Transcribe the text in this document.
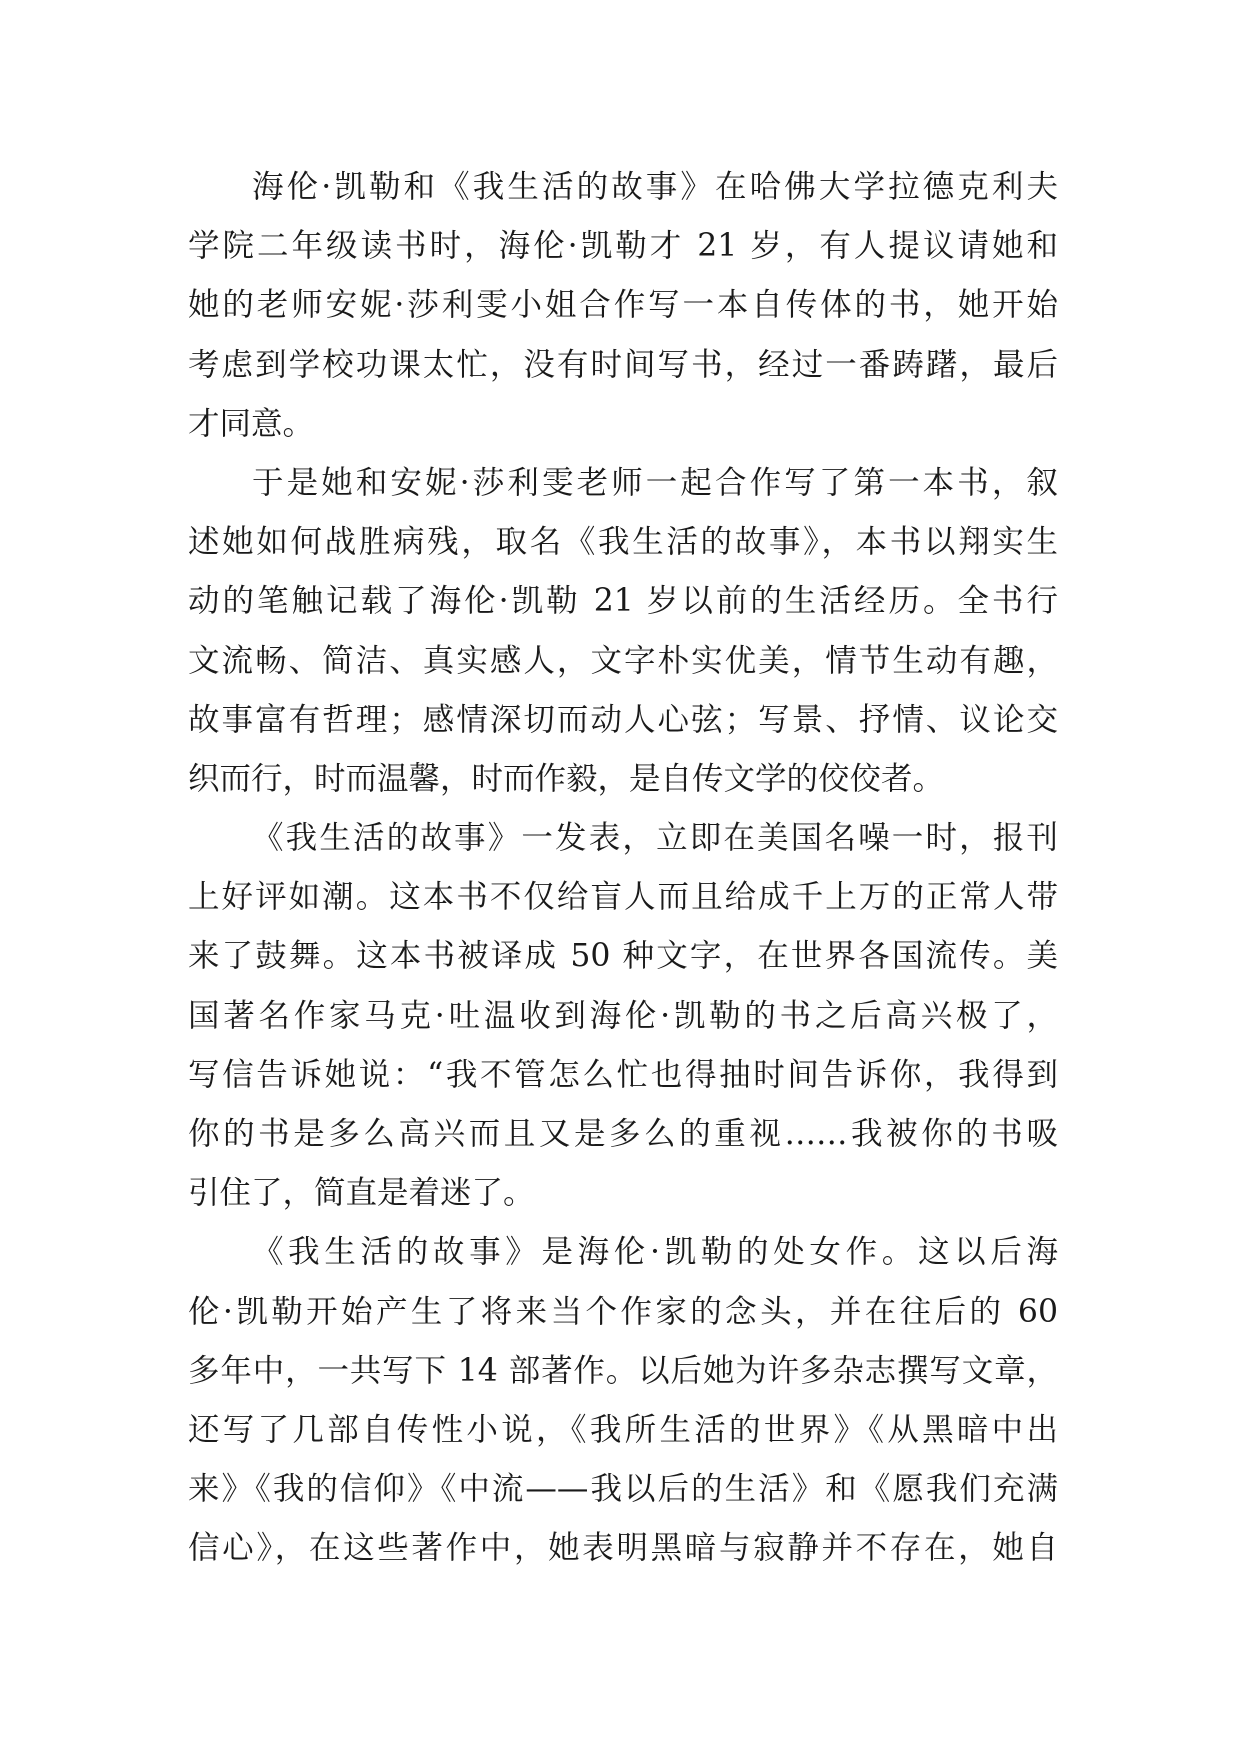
海伦·凯勒和《我生活的故事》在哈佛大学拉德克利夫
学院二年级读书时，海伦·凯勒才 21 岁，有人提议请她和
她的老师安妮·莎利雯小姐合作写一本自传体的书，她开始
考虑到学校功课太忙，没有时间写书，经过一番踌躇，最后
才同意。
于是她和安妮·莎利雯老师一起合作写了第一本书，叙
述她如何战胜病残，取名《我生活的故事》，本书以翔实生
动的笔触记载了海伦·凯勒 21 岁以前的生活经历。全书行
文流畅、简洁、真实感人，文字朴实优美，情节生动有趣，
故事富有哲理；感情深切而动人心弦；写景、抒情、议论交
织而行，时而温馨，时而作毅，是自传文学的佼佼者。
《我生活的故事》一发表，立即在美国名噪一时，报刊
上好评如潮。这本书不仅给盲人而且给成千上万的正常人带
来了鼓舞。这本书被译成 50 种文字，在世界各国流传。美
国著名作家马克·吐温收到海伦·凯勒的书之后高兴极了，
写信告诉她说：“我不管怎么忙也得抽时间告诉你，我得到
你的书是多么高兴而且又是多么的重视……我被你的书吸
引住了，简直是着迷了。
《我生活的故事》是海伦·凯勒的处女作。这以后海
伦·凯勒开始产生了将来当个作家的念头，并在往后的 60
多年中，一共写下 14 部著作。以后她为许多杂志撰写文章，
还写了几部自传性小说，《我所生活的世界》《从黑暗中出
来》《我的信仰》《中流——我以后的生活》和《愿我们充满
信心》，在这些著作中，她表明黑暗与寂静并不存在，她自
